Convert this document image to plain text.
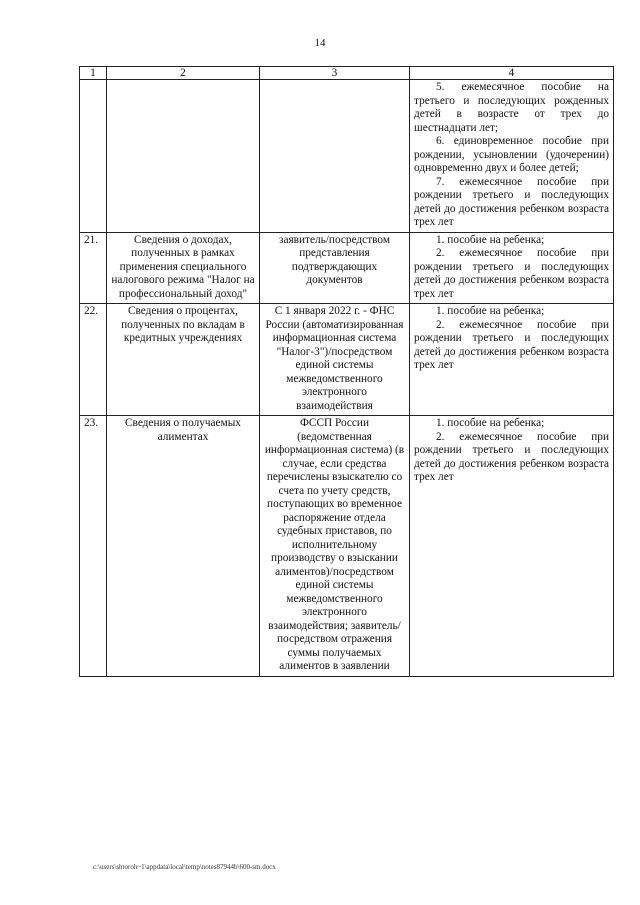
14
1	2	3	4

			5. ежемесячное пособие на третьего и последующих рожденных детей в возрасте от трех до шестнадцати лет;

6. единовременное пособие при рождении, усыновлении (удочерении) одновременно двух и более детей;

7. ежемесячное пособие при рождении третьего и последующих детей до достижения ребенком возраста трех лет

21.	Сведения о доходах, полученных в рамках применения специального налогового режима "Налог на профессиональный доход"	заявитель/посредством представления подтверждающих документов	1. пособие на ребенка;

2. ежемесячное пособие при рождении третьего и последующих детей до достижения ребенком возраста трех лет

22.	Сведения о процентах, полученных по вкладам в кредитных учреждениях	С 1 января 2022 г. - ФНС России (автоматизированная информационная система "Налог-3")/посредством единой системы межведомственного электронного взаимодействия	1. пособие на ребенка;

2. ежемесячное пособие при рождении третьего и последующих детей до достижения ребенком возраста трех лет

23.	Сведения о получаемых алиментах	ФССП России (ведомственная информационная система) (в случае, если средства перечислены взыскателю со счета по учету средств, поступающих во временное распоряжение отдела судебных приставов, по исполнительному производству о взыскании алиментов)/посредством единой системы межведомственного электронного взаимодействия; заявитель/посредством отражения суммы получаемых алиментов в заявлении	1. пособие на ребенка;

2. ежемесячное пособие при рождении третьего и последующих детей до достижения ребенком возраста трех лет

c:\users\shtoroh~1\appdata\local\temp\notes87944b\600-sm.docx
